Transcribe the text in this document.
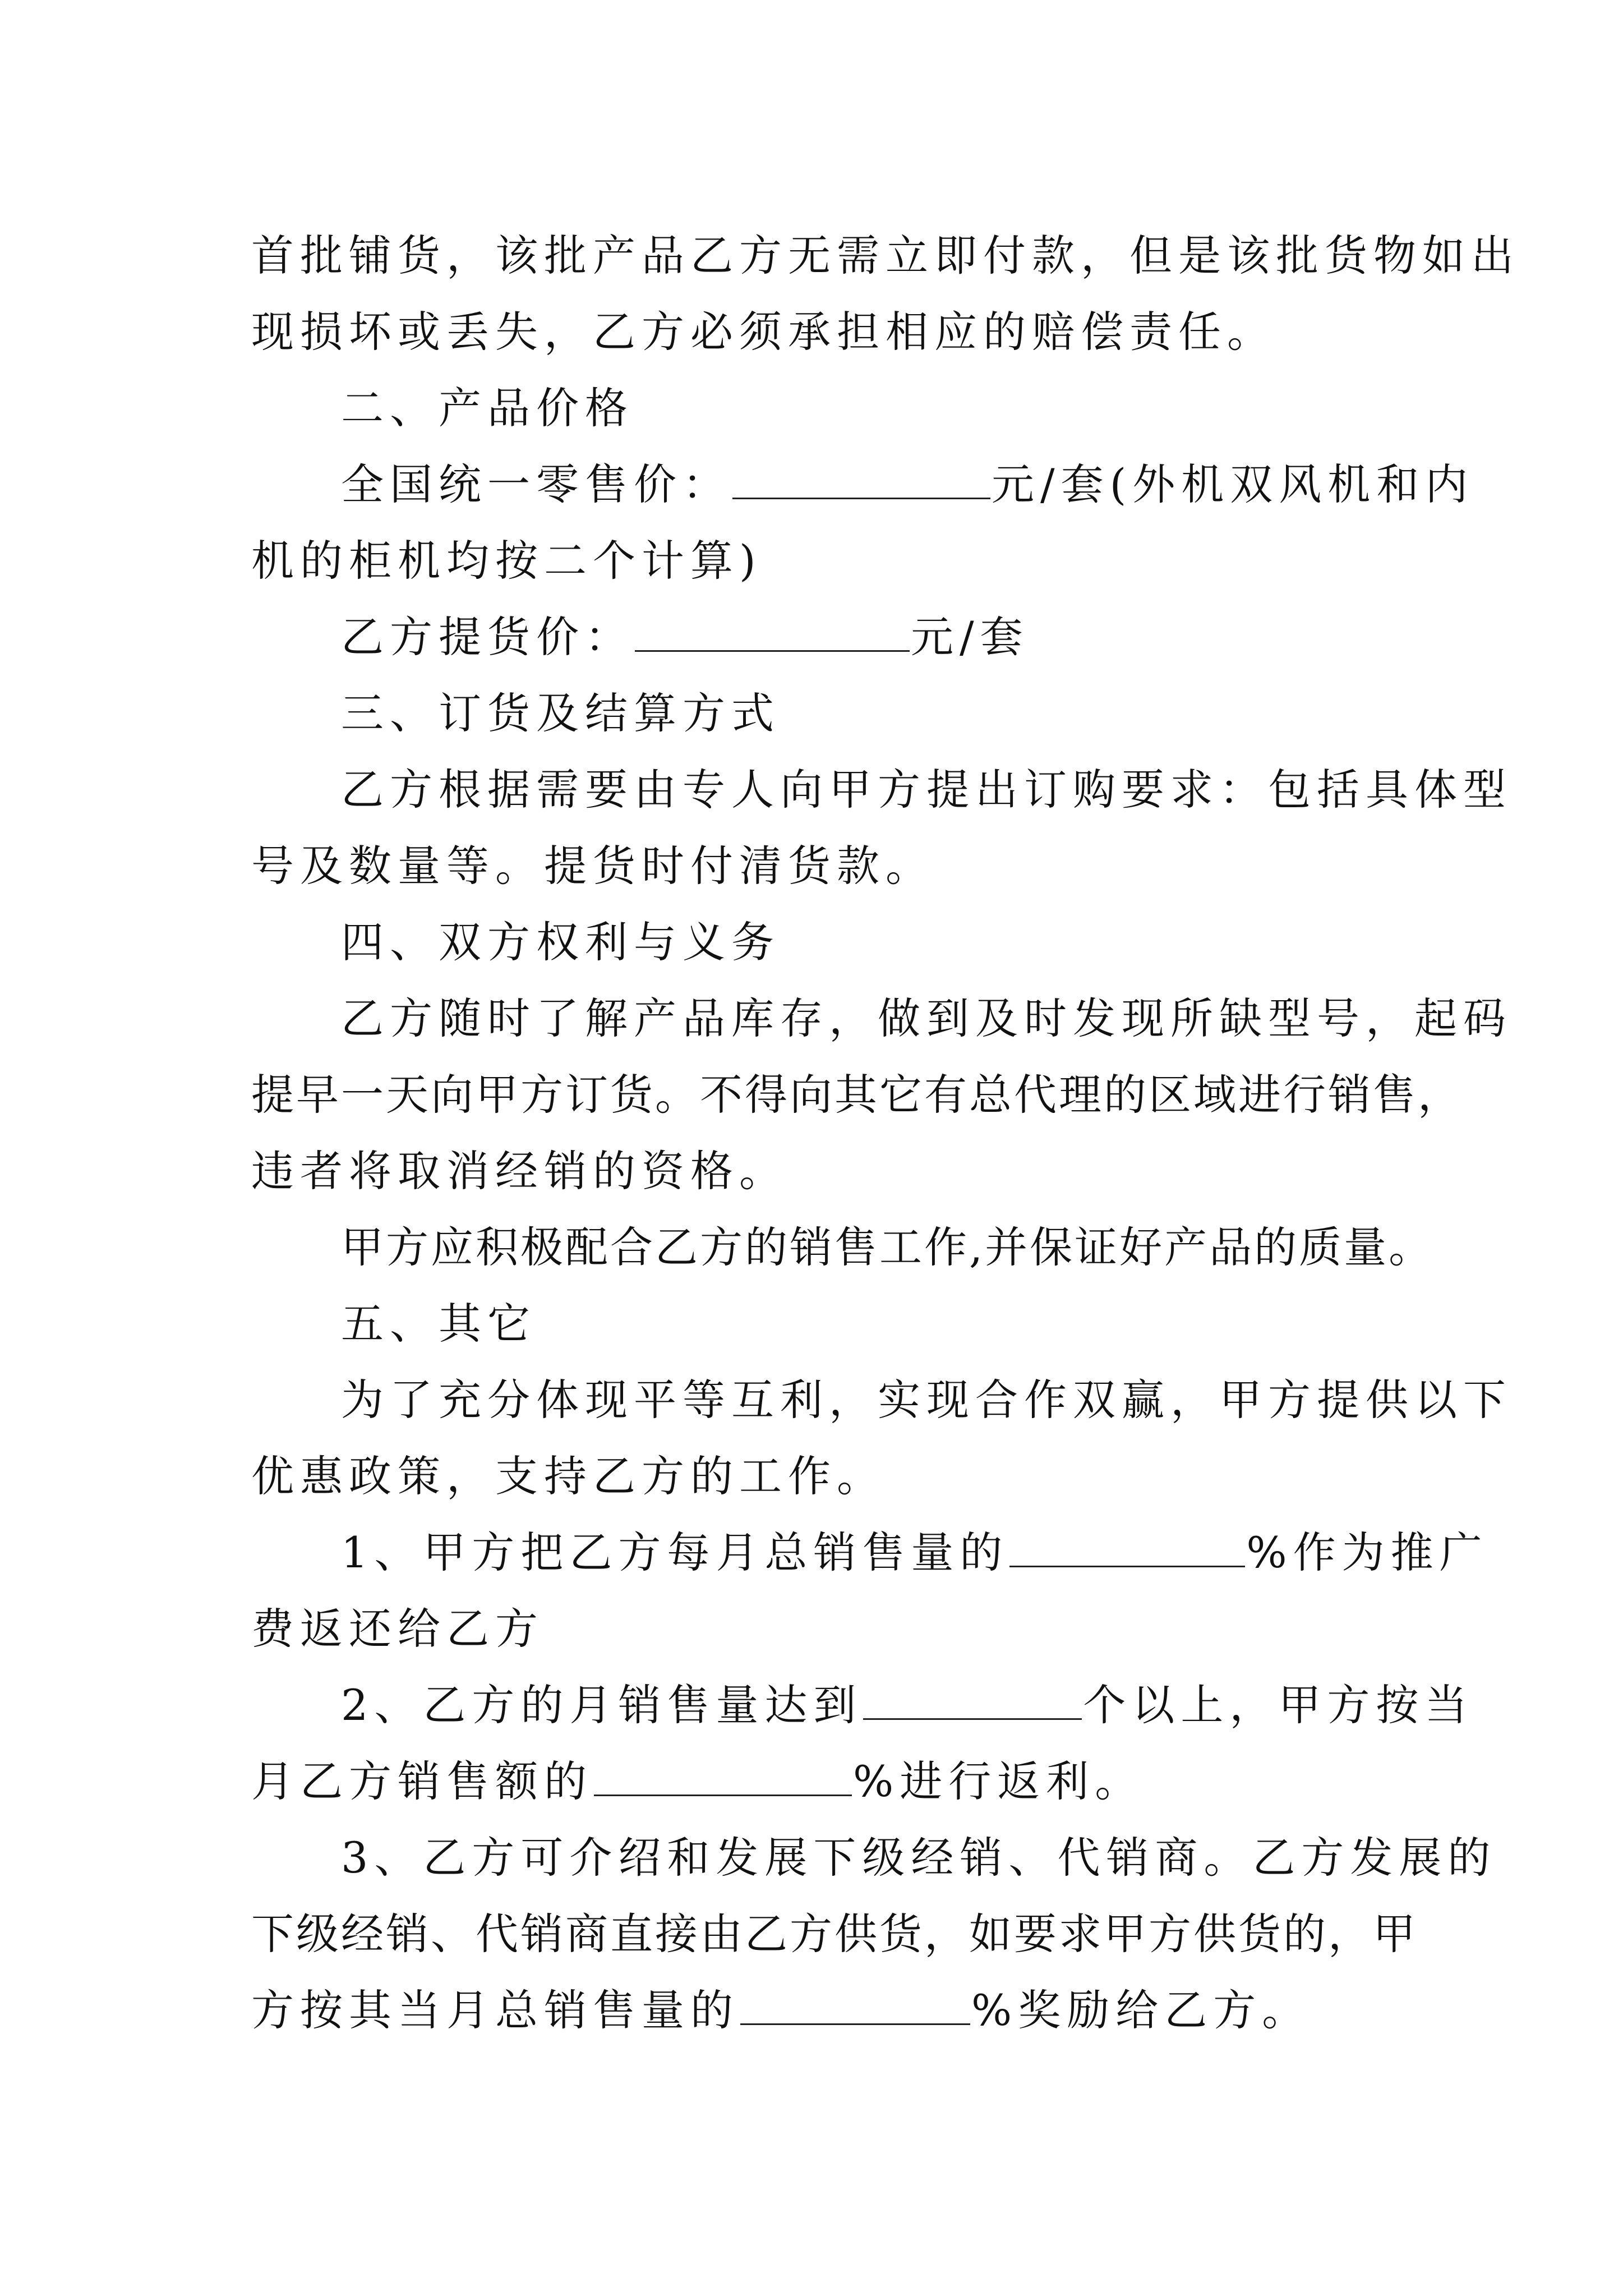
首批铺货，该批产品乙方无需立即付款，但是该批货物如出
现损坏或丢失，乙方必须承担相应的赔偿责任。
二、产品价格
全国统一零售价：	元/套(外机双风机和内
机的柜机均按二个计算)
乙方提货价：	元/套
三、订货及结算方式
乙方根据需要由专人向甲方提出订购要求：包括具体型
号及数量等。提货时付清货款。
四、双方权利与义务
乙方随时了解产品库存，做到及时发现所缺型号，起码
提早一天向甲方订货。不得向其它有总代理的区域进行销售，
违者将取消经销的资格。
甲方应积极配合乙方的销售工作,并保证好产品的质量。
五、其它
为了充分体现平等互利，实现合作双赢，甲方提供以下
优惠政策，支持乙方的工作。
1、甲方把乙方每月总销售量的	%作为推广
费返还给乙方
2、乙方的月销售量达到	个以上，甲方按当
月乙方销售额的	%进行返利。
3、乙方可介绍和发展下级经销、代销商。乙方发展的
下级经销、代销商直接由乙方供货，如要求甲方供货的，甲
方按其当月总销售量的	%奖励给乙方。
